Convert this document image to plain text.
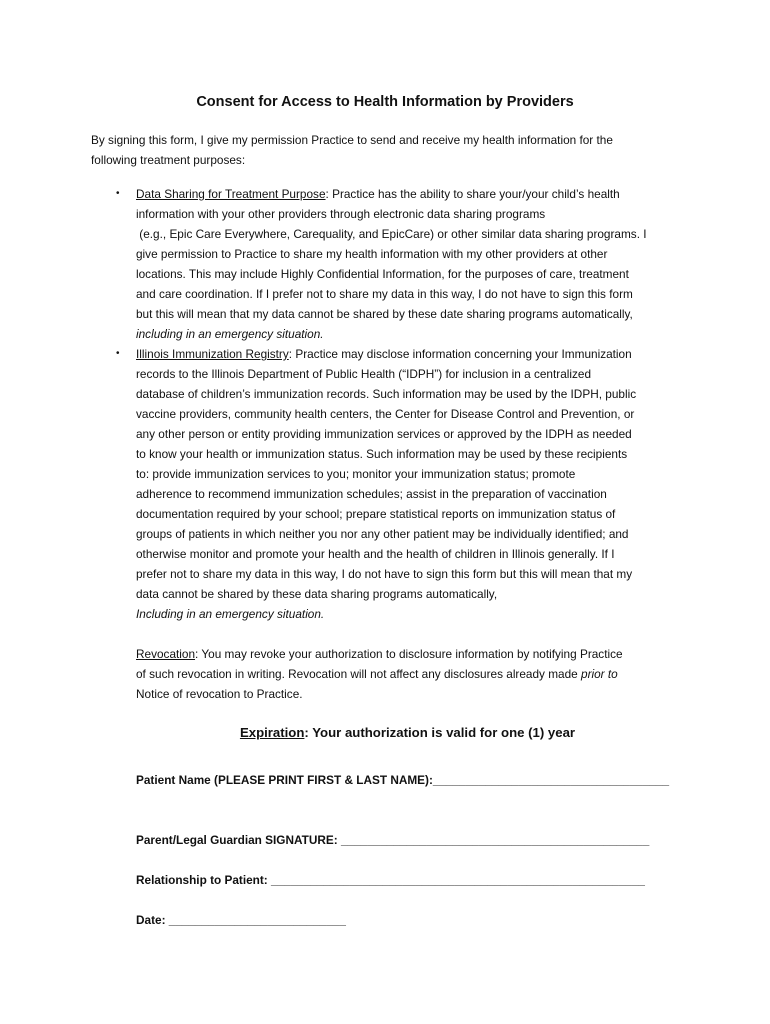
Consent for Access to Health Information by Providers
By signing this form, I give my permission Practice to send and receive my health information for the
following treatment purposes:
• Data Sharing for Treatment Purpose: Practice has the ability to share your/your child’s health
information with your other providers through electronic data sharing programs
(e.g., Epic Care Everywhere, Carequality, and EpicCare) or other similar data sharing programs. I
give permission to Practice to share my health information with my other providers at other
locations. This may include Highly Confidential Information, for the purposes of care, treatment
and care coordination. If I prefer not to share my data in this way, I do not have to sign this form
but this will mean that my data cannot be shared by these date sharing programs automatically,
including in an emergency situation.
• Illinois Immunization Registry: Practice may disclose information concerning your Immunization
records to the Illinois Department of Public Health (“IDPH”) for inclusion in a centralized
database of children’s immunization records. Such information may be used by the IDPH, public
vaccine providers, community health centers, the Center for Disease Control and Prevention, or
any other person or entity providing immunization services or approved by the IDPH as needed
to know your health or immunization status. Such information may be used by these recipients
to: provide immunization services to you; monitor your immunization status; promote
adherence to recommend immunization schedules; assist in the preparation of vaccination
documentation required by your school; prepare statistical reports on immunization status of
groups of patients in which neither you nor any other patient may be individually identified; and
otherwise monitor and promote your health and the health of children in Illinois generally. If I
prefer not to share my data in this way, I do not have to sign this form but this will mean that my
data cannot be shared by these data sharing programs automatically,
Including in an emergency situation.
Revocation: You may revoke your authorization to disclosure information by notifying Practice
of such revocation in writing. Revocation will not affect any disclosures already made prior to
Notice of revocation to Practice.
Expiration: Your authorization is valid for one (1) year
Patient Name (PLEASE PRINT FIRST & LAST NAME):____________________________________
Parent/Legal Guardian SIGNATURE: _______________________________________________
Relationship to Patient: _________________________________________________________
Date: ___________________________
